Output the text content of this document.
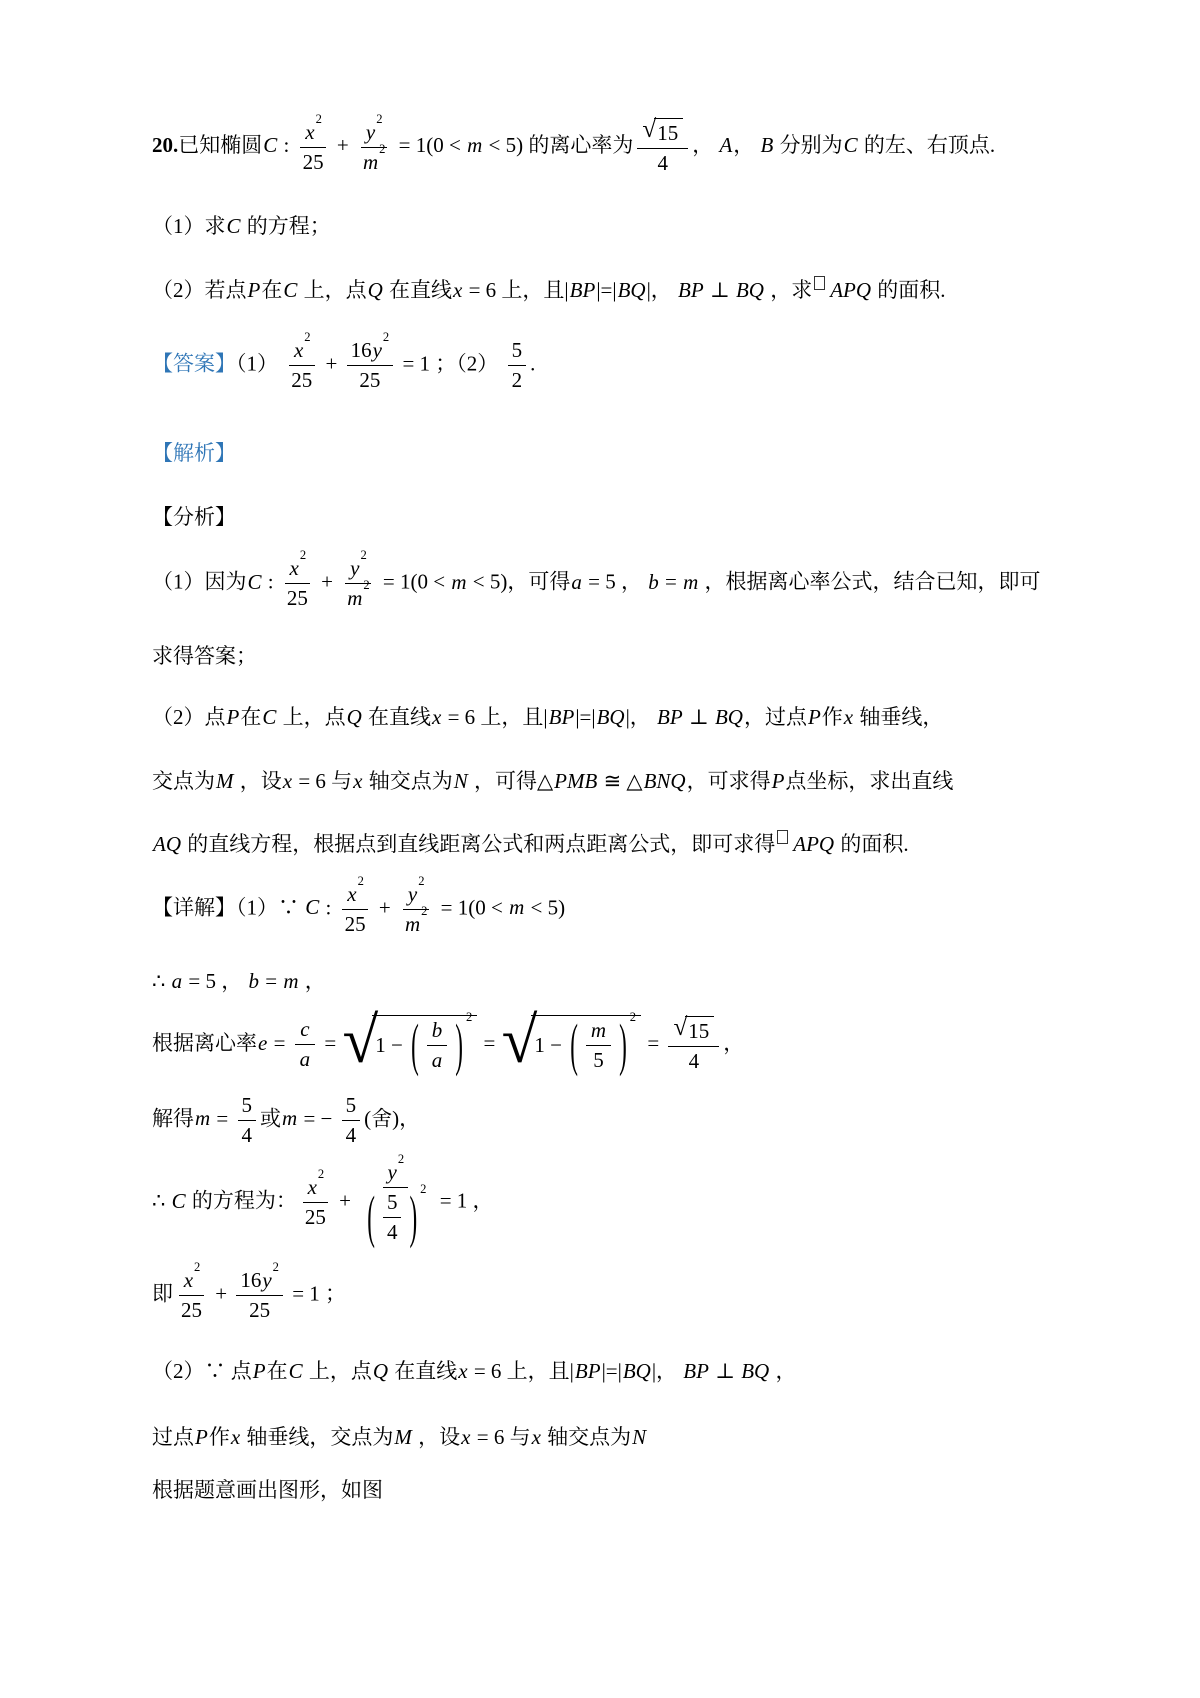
20.已知椭圆C : x
2
25 + y
2
m
2 = 1(0 < m < 5) 的离心率为 $\frac{√ 15}{4}$ ， A， B 分别为C 的左、右顶点.
（1）求C 的方程；
（2）若点P在C 上，点Q 在直线x = 6 上，且|BP|=|BQ|， BP ⊥ BQ ，求 APQ 的面积.
【答案】（1） x
2
25 + 16 y
2
25 = 1 ；$(2) \frac{5}{2}$ .
【解析】
【分析】
（1）因为C : x
2
25 + y
2
m
2 = 1(0 < m < 5)，可得a = 5 ， b = m ，根据离心率公式，结合已知，即可
求得答案；
（2）点P在C 上，点Q 在直线x = 6 上，且|BP|=|BQ|， BP ⊥ BQ，过点P作x 轴垂线，
交点为M ，设x = 6 与x 轴交点为N ，可得△PMB ≅ △BNQ，可求得P点坐标，求出直线
AQ 的直线方程，根据点到直线距离公式和两点距离公式，即可求得 APQ 的面积.
【详解】（1）∵ C : x
2
25 + y
2
m
2 = 1(0 < m < 5)
∴ a = 5 ， b = m ，
根据离心率$e = \frac{c}{a}$ = √
1 − ( $\frac{b}{a}$ ) 2
= √
1 − ( $\frac{m}{5}$ ) 2
= $\frac{√ 15}{4}$ ，
解得$m = \frac{5}{4}$ 或m = − $\frac{5}{4}$ (舍)，
∴ C 的方程为： x
2
25 + y
2
( $\frac{5}{4}$ ) 2 = 1 ，
即 x
2
25 + 16 y
2
25 = 1 ；
（2）∵ 点P在C 上，点Q 在直线x = 6 上，且|BP|=|BQ|， BP ⊥ BQ ，
过点P作x 轴垂线，交点为M ，设x = 6 与x 轴交点为N
根据题意画出图形，如图
